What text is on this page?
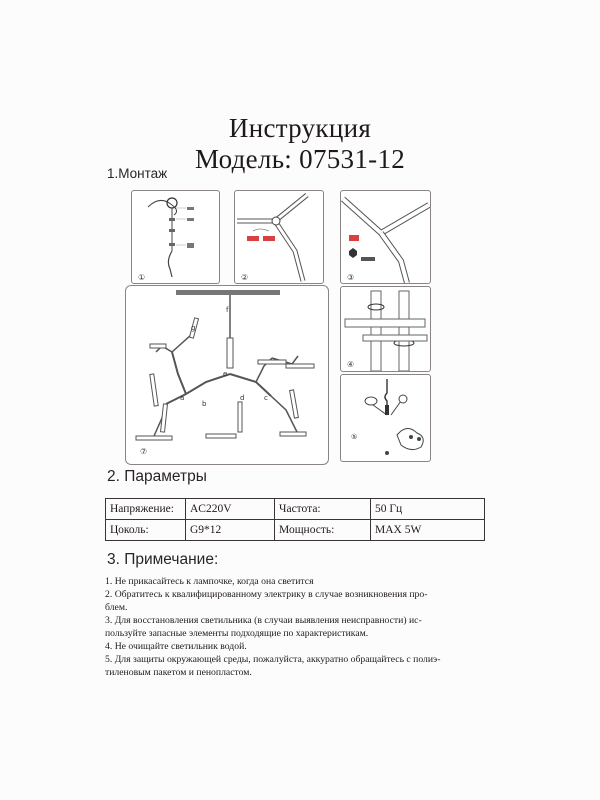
Инструкция
Модель: 07531-12
1.Монтаж
①	②	③
f
e
a
b
d	c
g
⑦
④
⑤
2. Параметры
Напряжение:	AC220V	Частота:	50 Гц
Цоколь:	G9*12	Мощность:	MAX 5W
3. Примечание:
1. Не прикасайтесь к лампочке, когда она светится
2. Обратитесь к квалифицированному электрику в случае возникновения про-
блем.
3. Для восстановления светильника (в случаи выявления неисправности) ис-
пользуйте запасные элементы подходящие по характеристикам.
4. Не очищайте светильник водой.
5. Для защиты окружающей среды, пожалуйста, аккуратно обращайтесь с полиэ-
тиленовым пакетом и пенопластом.
